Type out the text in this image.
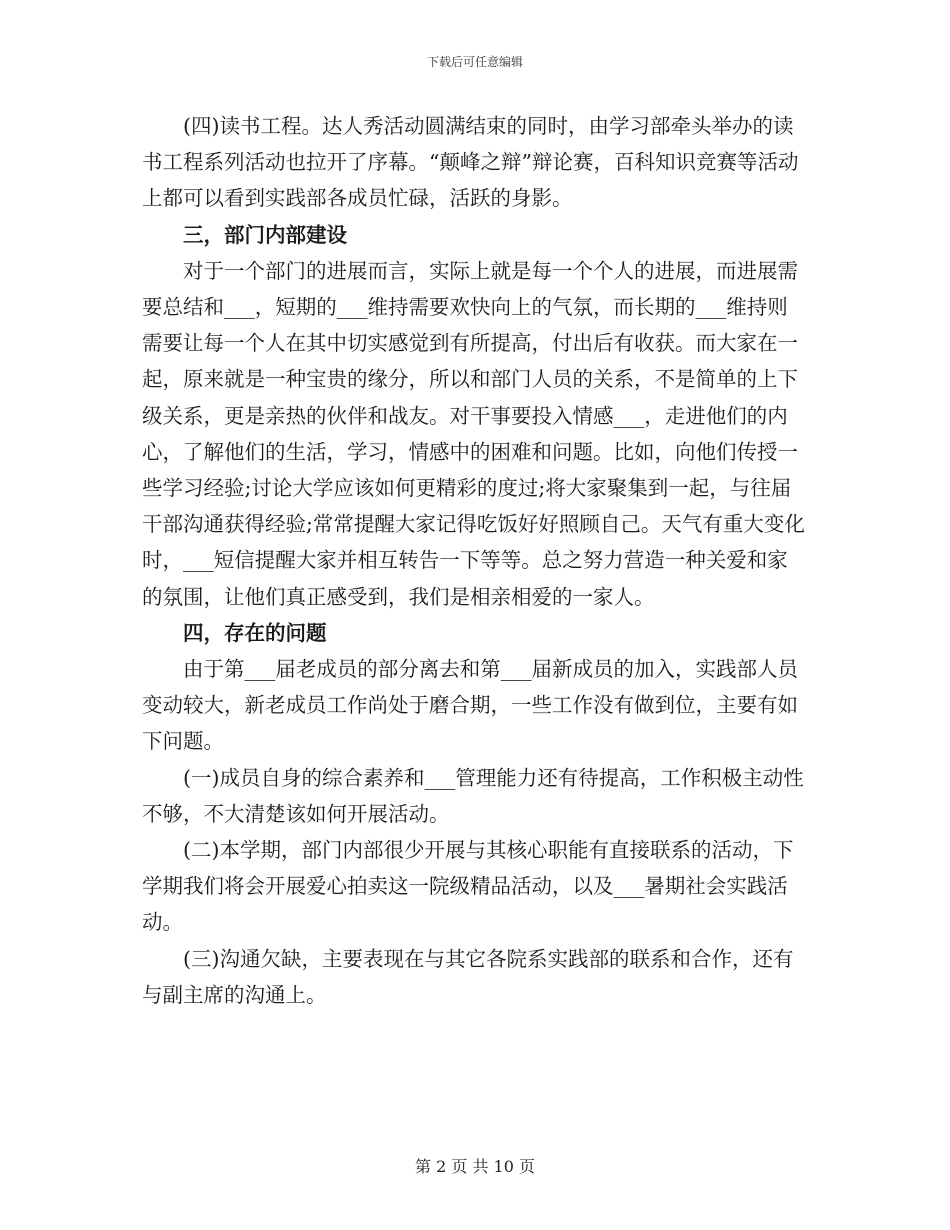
下载后可任意编辑

(四)读书工程。达人秀活动圆满结束的同时，由学习部牵头举办的读书工程系列活动也拉开了序幕。“颠峰之辩”辩论赛，百科知识竞赛等活动上都可以看到实践部各成员忙碌，活跃的身影。

三，部门内部建设

对于一个部门的进展而言，实际上就是每一个个人的进展，而进展需要总结和___，短期的___维持需要欢快向上的气氛，而长期的___维持则需要让每一个人在其中切实感觉到有所提高，付出后有收获。而大家在一起，原来就是一种宝贵的缘分，所以和部门人员的关系，不是简单的上下级关系，更是亲热的伙伴和战友。对干事要投入情感___，走进他们的内心，了解他们的生活，学习，情感中的困难和问题。比如，向他们传授一些学习经验;讨论大学应该如何更精彩的度过;将大家聚集到一起，与往届干部沟通获得经验;常常提醒大家记得吃饭好好照顾自己。天气有重大变化时，___短信提醒大家并相互转告一下等等。总之努力营造一种关爱和家的氛围，让他们真正感受到，我们是相亲相爱的一家人。

四，存在的问题

由于第___届老成员的部分离去和第___届新成员的加入，实践部人员变动较大，新老成员工作尚处于磨合期，一些工作没有做到位，主要有如下问题。

(一)成员自身的综合素养和___管理能力还有待提高，工作积极主动性不够，不大清楚该如何开展活动。

(二)本学期，部门内部很少开展与其核心职能有直接联系的活动，下学期我们将会开展爱心拍卖这一院级精品活动，以及___暑期社会实践活动。

(三)沟通欠缺，主要表现在与其它各院系实践部的联系和合作，还有与副主席的沟通上。

第 2 页 共 10 页
